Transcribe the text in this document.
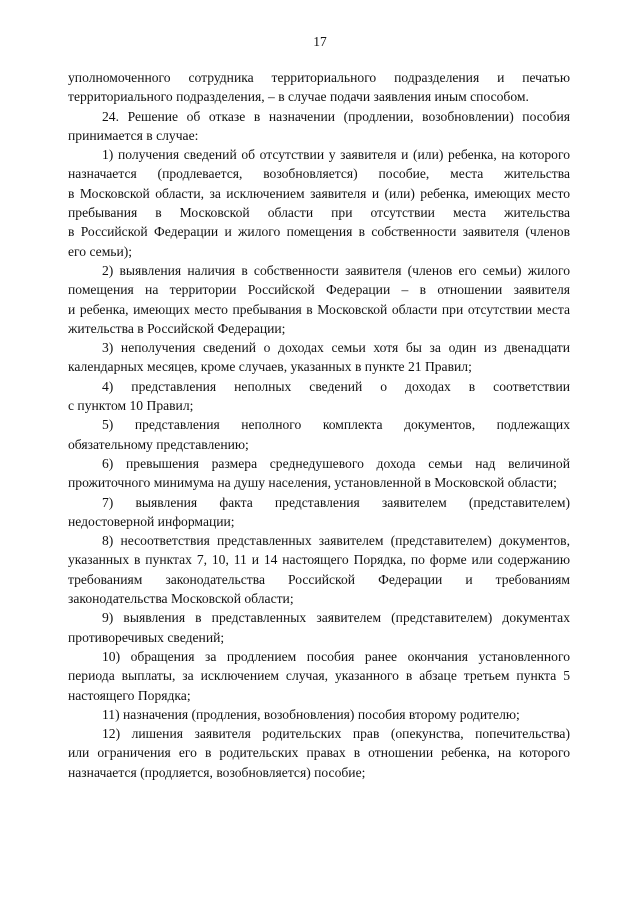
17
уполномоченного сотрудника территориального подразделения и печатью
территориального подразделения, – в случае подачи заявления иным способом.
24. Решение об отказе в назначении (продлении, возобновлении) пособия
принимается в случае:
1) получения сведений об отсутствии у заявителя и (или) ребенка, на которого
назначается (продлевается, возобновляется) пособие, места жительства
в Московской области, за исключением заявителя и (или) ребенка, имеющих место
пребывания в Московской области при отсутствии места жительства
в Российской Федерации и жилого помещения в собственности заявителя (членов
его семьи);
2) выявления наличия в собственности заявителя (членов его семьи) жилого
помещения на территории Российской Федерации – в отношении заявителя
и ребенка, имеющих место пребывания в Московской области при отсутствии места
жительства в Российской Федерации;
3) неполучения сведений о доходах семьи хотя бы за один из двенадцати
календарных месяцев, кроме случаев, указанных в пункте 21 Правил;
4) представления неполных сведений о доходах в соответствии
с пунктом 10 Правил;
5) представления неполного комплекта документов, подлежащих
обязательному представлению;
6) превышения размера среднедушевого дохода семьи над величиной
прожиточного минимума на душу населения, установленной в Московской области;
7) выявления факта представления заявителем (представителем)
недостоверной информации;
8) несоответствия представленных заявителем (представителем) документов,
указанных в пунктах 7, 10, 11 и 14 настоящего Порядка, по форме или содержанию
требованиям законодательства Российской Федерации и требованиям
законодательства Московской области;
9) выявления в представленных заявителем (представителем) документах
противоречивых сведений;
10) обращения за продлением пособия ранее окончания установленного
периода выплаты, за исключением случая, указанного в абзаце третьем пункта 5
настоящего Порядка;
11) назначения (продления, возобновления) пособия второму родителю;
12) лишения заявителя родительских прав (опекунства, попечительства)
или ограничения его в родительских правах в отношении ребенка, на которого
назначается (продляется, возобновляется) пособие;
